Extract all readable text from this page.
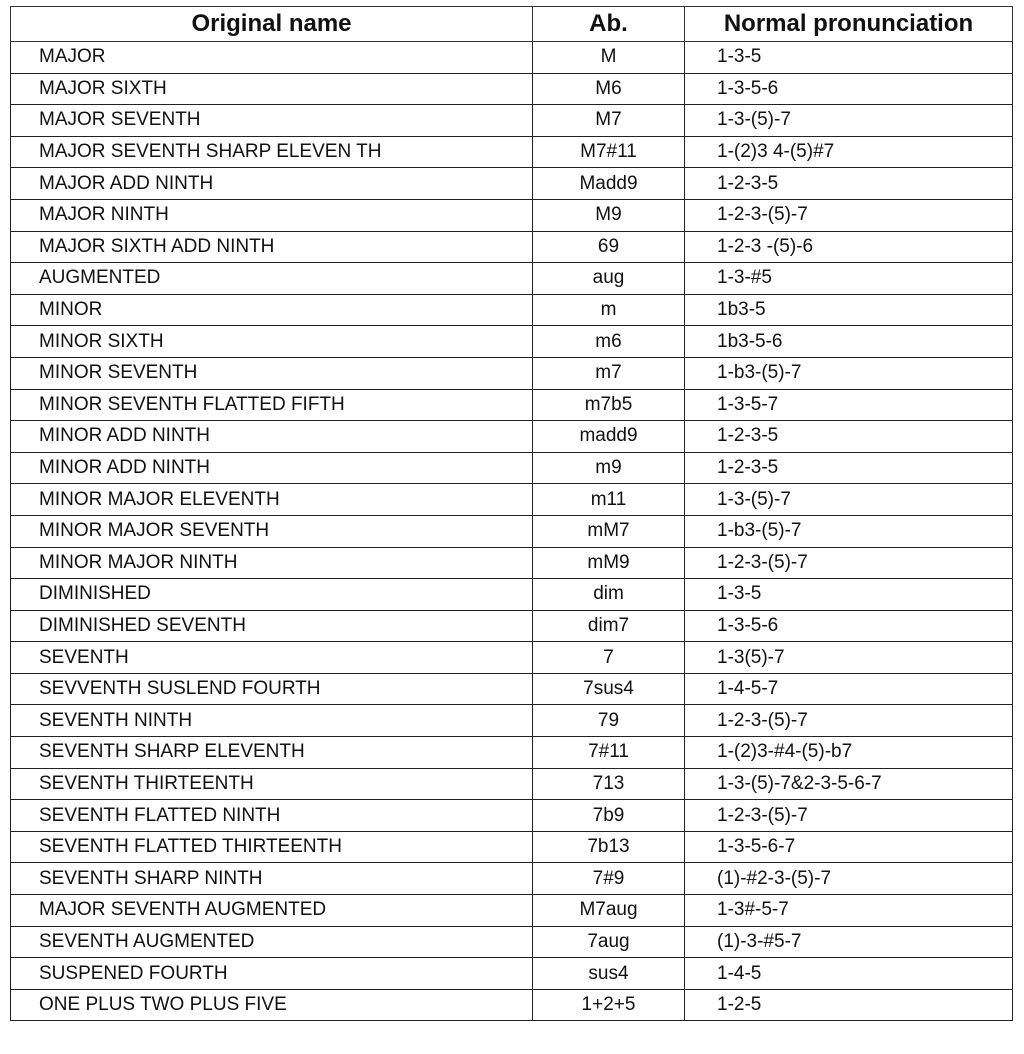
Original name	Ab.	Normal pronunciation
MAJOR	M	1-3-5
MAJOR SIXTH	M6	1-3-5-6
MAJOR SEVENTH	M7	1-3-(5)-7
MAJOR SEVENTH SHARP ELEVEN TH	M7#11	1-(2)3 4-(5)#7
MAJOR ADD NINTH	Madd9	1-2-3-5
MAJOR NINTH	M9	1-2-3-(5)-7
MAJOR SIXTH ADD NINTH	69	1-2-3 -(5)-6
AUGMENTED	aug	1-3-#5
MINOR	m	1b3-5
MINOR SIXTH	m6	1b3-5-6
MINOR SEVENTH	m7	1-b3-(5)-7
MINOR SEVENTH FLATTED FIFTH	m7b5	1-3-5-7
MINOR ADD NINTH	madd9	1-2-3-5
MINOR ADD NINTH	m9	1-2-3-5
MINOR MAJOR ELEVENTH	m11	1-3-(5)-7
MINOR MAJOR SEVENTH	mM7	1-b3-(5)-7
MINOR MAJOR NINTH	mM9	1-2-3-(5)-7
DIMINISHED	dim	1-3-5
DIMINISHED SEVENTH	dim7	1-3-5-6
SEVENTH	7	1-3(5)-7
SEVVENTH SUSLEND FOURTH	7sus4	1-4-5-7
SEVENTH NINTH	79	1-2-3-(5)-7
SEVENTH SHARP ELEVENTH	7#11	1-(2)3-#4-(5)-b7
SEVENTH THIRTEENTH	713	1-3-(5)-7&2-3-5-6-7
SEVENTH FLATTED NINTH	7b9	1-2-3-(5)-7
SEVENTH FLATTED THIRTEENTH	7b13	1-3-5-6-7
SEVENTH SHARP NINTH	7#9	(1)-#2-3-(5)-7
MAJOR SEVENTH AUGMENTED	M7aug	1-3#-5-7
SEVENTH AUGMENTED	7aug	(1)-3-#5-7
SUSPENED FOURTH	sus4	1-4-5
ONE PLUS TWO PLUS FIVE	1+2+5	1-2-5
